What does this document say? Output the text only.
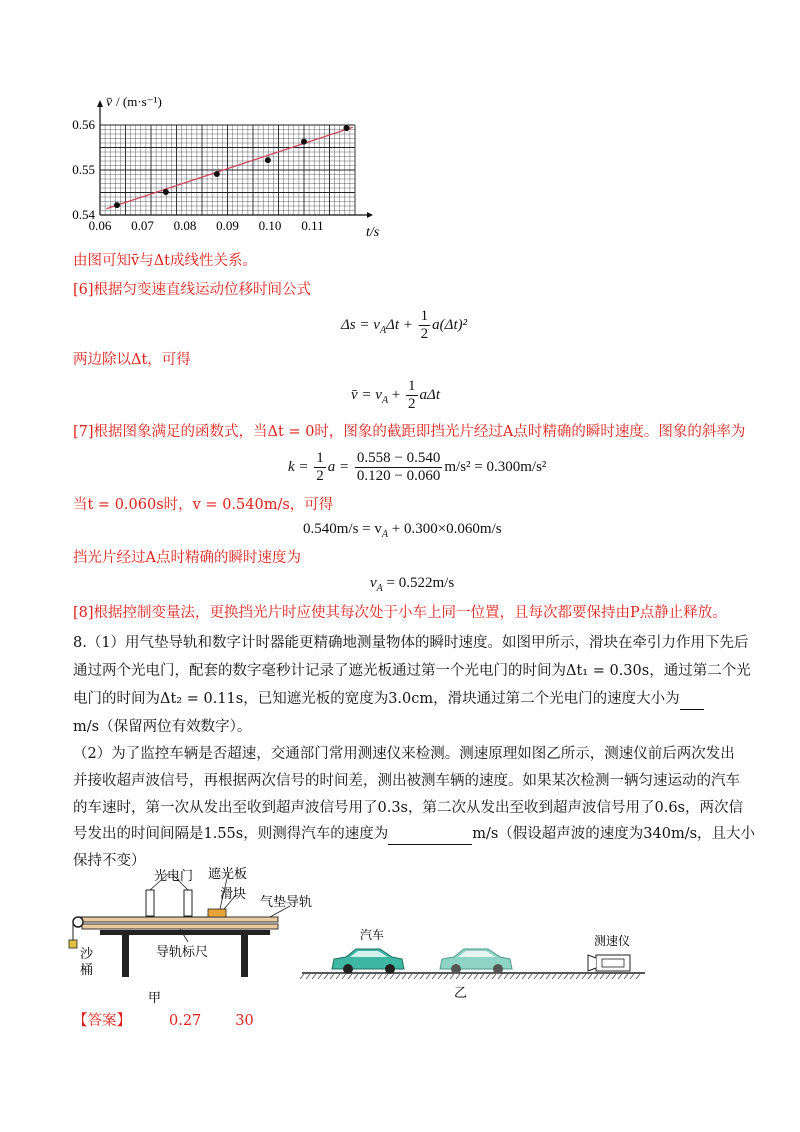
0.06 0.07 0.08 0.09 0.10 0.11
0.54
0.55
0.56
v̄ / (m·s⁻¹)
t/s
由图可知v̄与Δt成线性关系。
[6]根据匀变速直线运动位移时间公式
$\Delta s = v_A\Delta t + \frac{1}{2} a(\Delta t)^2$
两边除以Δt，可得
v̄ = $v_A + \frac{1}{2}$ aΔt
[7]根据图象满足的函数式，当Δt = 0时，图象的截距即挡光片经过A点时精确的瞬时速度。图象的斜率为
$k = \frac{1}{2}$ $a = \frac{0.558 - 0.540}{0.120 - 0.060} m/s^2 = 0.300m/s^2$
当t = 0.060s时，v = 0.540m/s，可得
$0.540m/s = v_A + 0.300\times 0.060m/s$
挡光片经过A点时精确的瞬时速度为
$v_A = 0.522m/s$
[8]根据控制变量法，更换挡光片时应使其每次处于小车上同一位置，且每次都要保持由P点静止释放。
8.（1）用气垫导轨和数字计时器能更精确地测量物体的瞬时速度。如图甲所示，滑块在牵引力作用下先后
通过两个光电门，配套的数字毫秒计记录了遮光板通过第一个光电门的时间为Δt₁ = 0.30s，通过第二个光
电门的时间为Δt₂ = 0.11s，已知遮光板的宽度为3.0cm，滑块通过第二个光电门的速度大小为
m/s（保留两位有效数字）。
（2）为了监控车辆是否超速，交通部门常用测速仪来检测。测速原理如图乙所示，测速仪前后两次发出
并接收超声波信号，再根据两次信号的时间差，测出被测车辆的速度。如果某次检测一辆匀速运动的汽车
的车速时，第一次从发出至收到超声波信号用了0.3s，第二次从发出至收到超声波信号用了0.6s，两次信
号发出的时间间隔是1.55s，则测得汽车的速度为	m/s（假设超声波的速度为340m/s，且大小
保持不变）
光电门 遮光板
滑块
气垫导轨
沙
桶
导轨标尺
甲
汽车	测速仪
乙
【答案】	0.27 30
